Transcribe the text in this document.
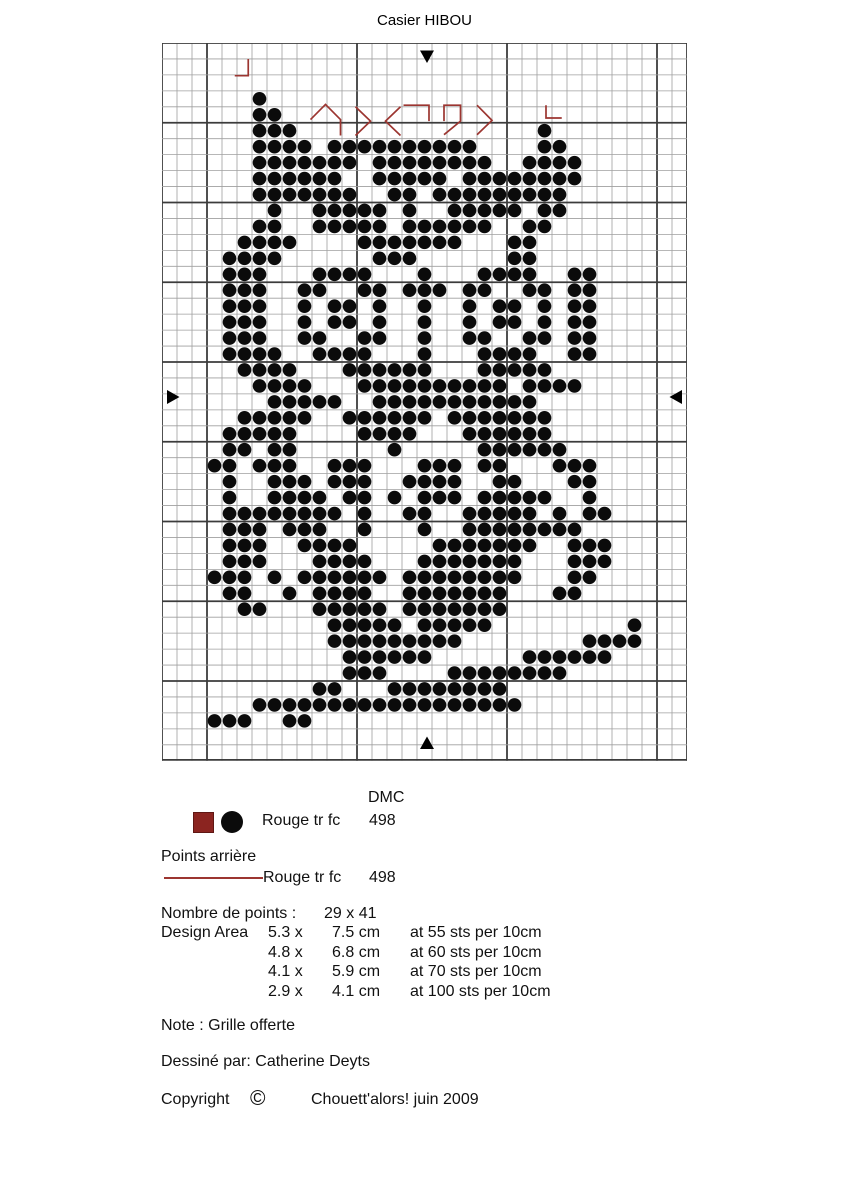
Casier HIBOU
DMC
Rouge tr fc 498
Points arrière
Rouge tr fc 498
Nombre de points : 29 x 41
Design Area 5.3 x 7.5 cm at 55 sts per 10cm
4.8 x 6.8 cm at 60 sts per 10cm
4.1 x 5.9 cm at 70 sts per 10cm
2.9 x 4.1 cm at 100 sts per 10cm
Note : Grille offerte
Dessiné par: Catherine Deyts
Copyright ©	Chouett'alors! juin 2009
